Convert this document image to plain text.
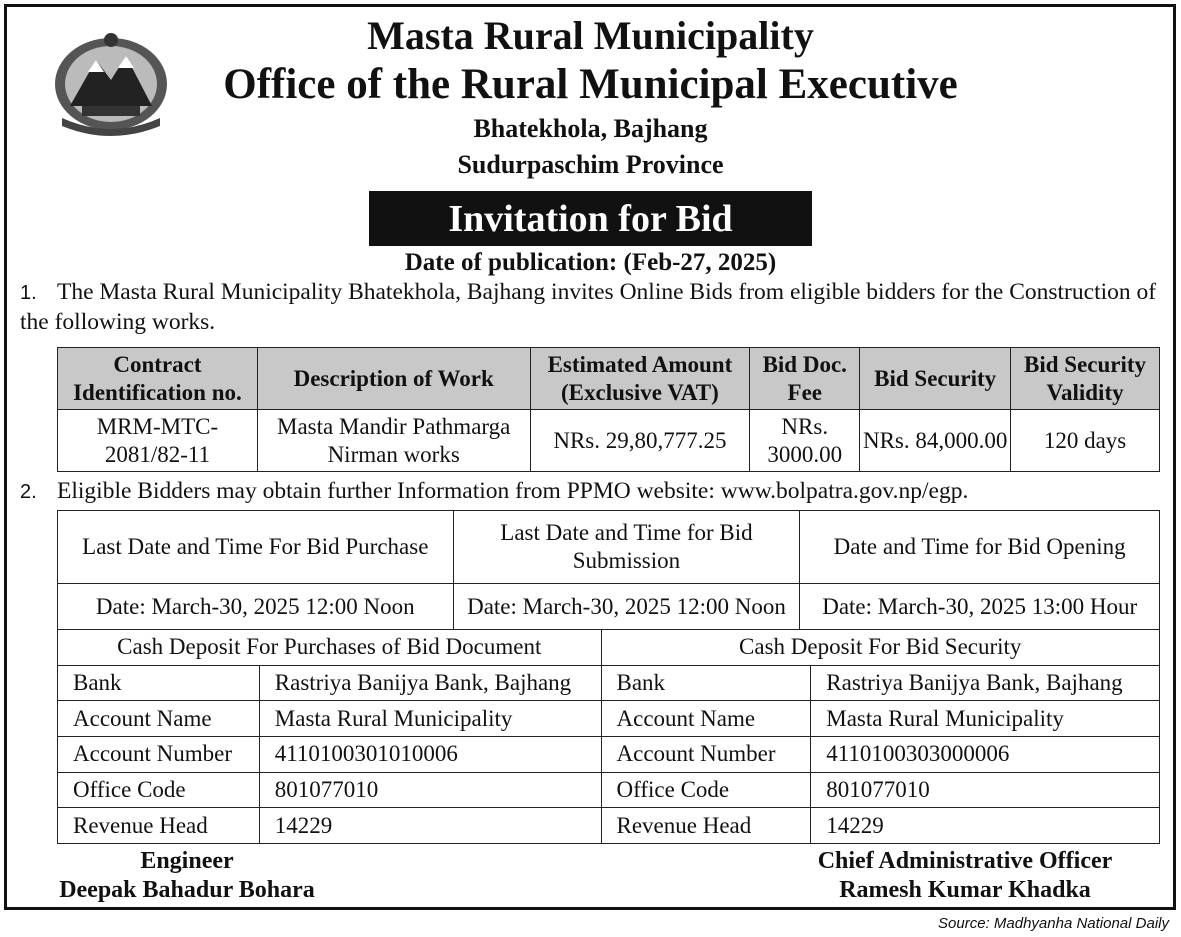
Masta Rural Municipality
Office of the Rural Municipal Executive
Bhatekhola, Bajhang
Sudurpaschim Province
Invitation for Bid
Date of publication: (Feb-27, 2025)
1. The Masta Rural Municipality Bhatekhola, Bajhang invites Online Bids from eligible bidders for the Construction of the following works.
Contract Identification no.	Description of Work	Estimated Amount (Exclusive VAT)	Bid Doc. Fee	Bid Security	Bid Security Validity
MRM-MTC-2081/82-11	Masta Mandir Pathmarga Nirman works	NRs. 29,80,777.25	NRs. 3000.00	NRs. 84,000.00	120 days
2. Eligible Bidders may obtain further Information from PPMO website: www.bolpatra.gov.np/egp.
Last Date and Time For Bid Purchase	Last Date and Time for Bid Submission	Date and Time for Bid Opening
Date: March-30, 2025 12:00 Noon	Date: March-30, 2025 12:00 Noon	Date: March-30, 2025 13:00 Hour
Cash Deposit For Purchases of Bid Document		Cash Deposit For Bid Security	
Bank	Rastriya Banijya Bank, Bajhang	Bank	Rastriya Banijya Bank, Bajhang
Account Name	Masta Rural Municipality	Account Name	Masta Rural Municipality
Account Number	4110100301010006	Account Number	4110100303000006
Office Code	801077010	Office Code	801077010
Revenue Head	14229	Revenue Head	14229
Engineer
Deepak Bahadur Bohara
Chief Administrative Officer
Ramesh Kumar Khadka
Source: Madhyanha National Daily
